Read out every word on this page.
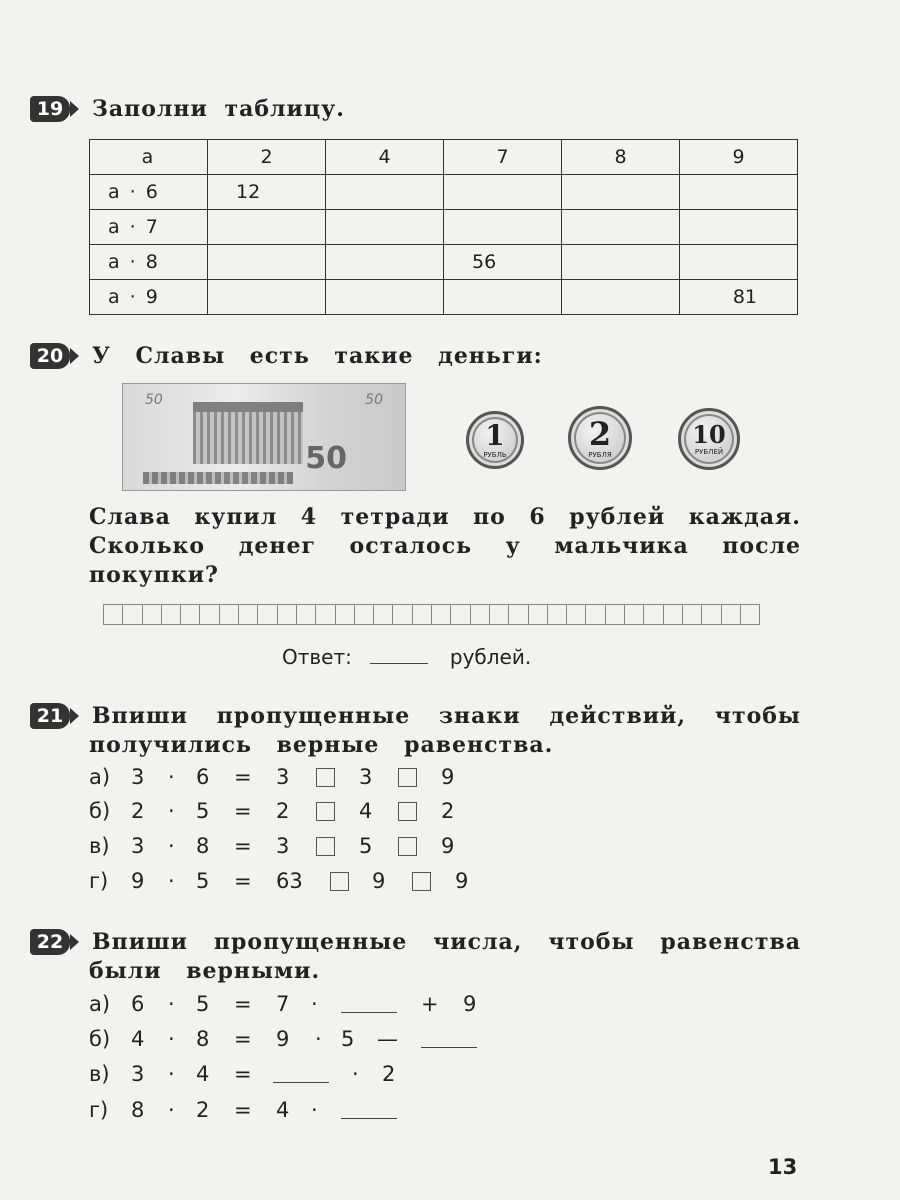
19	Заполни таблицу.
а	2	4	7	8	9
а · 6	12				
а · 7					
а · 8			56		
а · 9					81
20	У Славы есть такие деньги:
50	50
50
1
РУБЛЬ
2
РУБЛЯ
10
РУБЛЕЙ
Слава купил 4 тетради по 6 рублей каждая.
Сколько денег осталось у мальчика после
покупки?
Ответ:	рублей.
21	Впиши пропущенные знаки действий, чтобы
получились верные равенства.
а) 3 · 6 = 3	3	9
б) 2 · 5 = 2	4	2
в) 3 · 8 = 3	5	9
г) 9 · 5 = 63	9	9
22	Впиши пропущенные числа, чтобы равенства
были верными.
а) 6 · 5 = 7 ·	+ 9
б) 4 · 8 = 9 · 5 —
в) 3 · 4 =	· 2
г) 8 · 2 = 4 ·
13
